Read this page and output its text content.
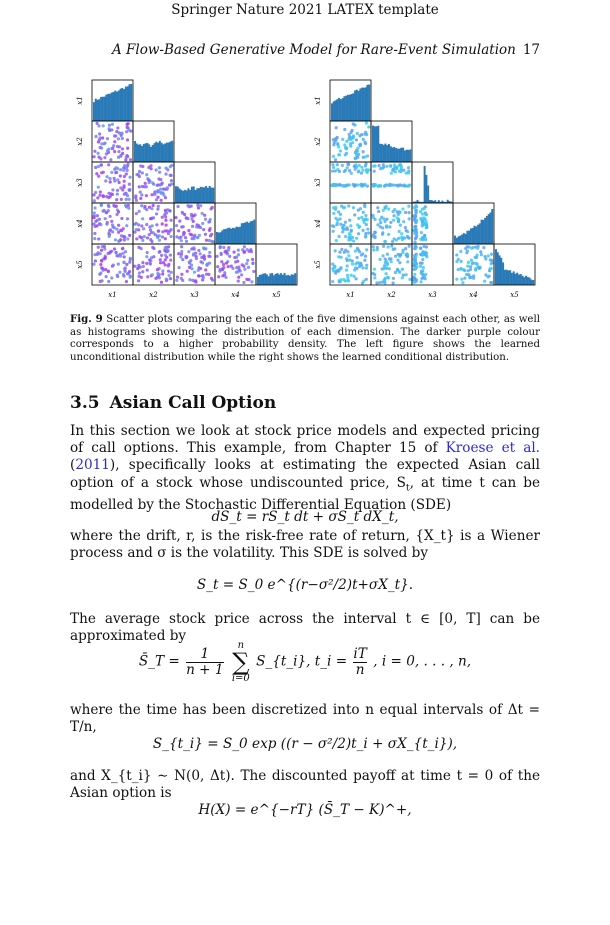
Springer Nature 2021 LATEX template
A Flow-Based Generative Model for Rare-Event Simulation 17
x1
x1
x2
x2
x3
x3
x4
x4
x5
x5
x1
x1
x2
x2
x3
x3
x4
x4
x5
x5
Fig. 9 Scatter plots comparing the each of the five dimensions against each other, as well as histograms showing the distribution of each dimension. The darker purple colour corresponds to a higher probability density. The left figure shows the learned unconditional distribution while the right shows the learned conditional distribution.
3.5 Asian Call Option
In this section we look at stock price models and expected pricing of call options. This example, from Chapter 15 of Kroese et al. (2011), specifically looks at estimating the expected Asian call option of a stock whose undiscounted price, $S_t$, at time t can be modelled by the Stochastic Differential Equation (SDE)
dS_t = rS_t dt + σS_t dX_t,
where the drift, r, is the risk-free rate of return, {X_t} is a Wiener process and σ is the volatility. This SDE is solved by
S_t = S_0 e^{(r−σ²/2)t+σX_t}.
The average stock price across the interval t ∈ [0, T] can be approximated by
S̄_T = $\frac{1}{n + 1}$

n
∑
i=0
S_{t_i}, t_i = $\frac{iT}{n}$ , i = 0, . . . , n,
where the time has been discretized into n equal intervals of Δt = T/n,
S_{t_i} = S_0 exp ((r − σ²/2)t_i + σX_{t_i}),
and X_{t_i} ∼ N(0, Δt). The discounted payoff at time t = 0 of the Asian option is
H(X) = e^{−rT} (S̄_T − K)^+,
